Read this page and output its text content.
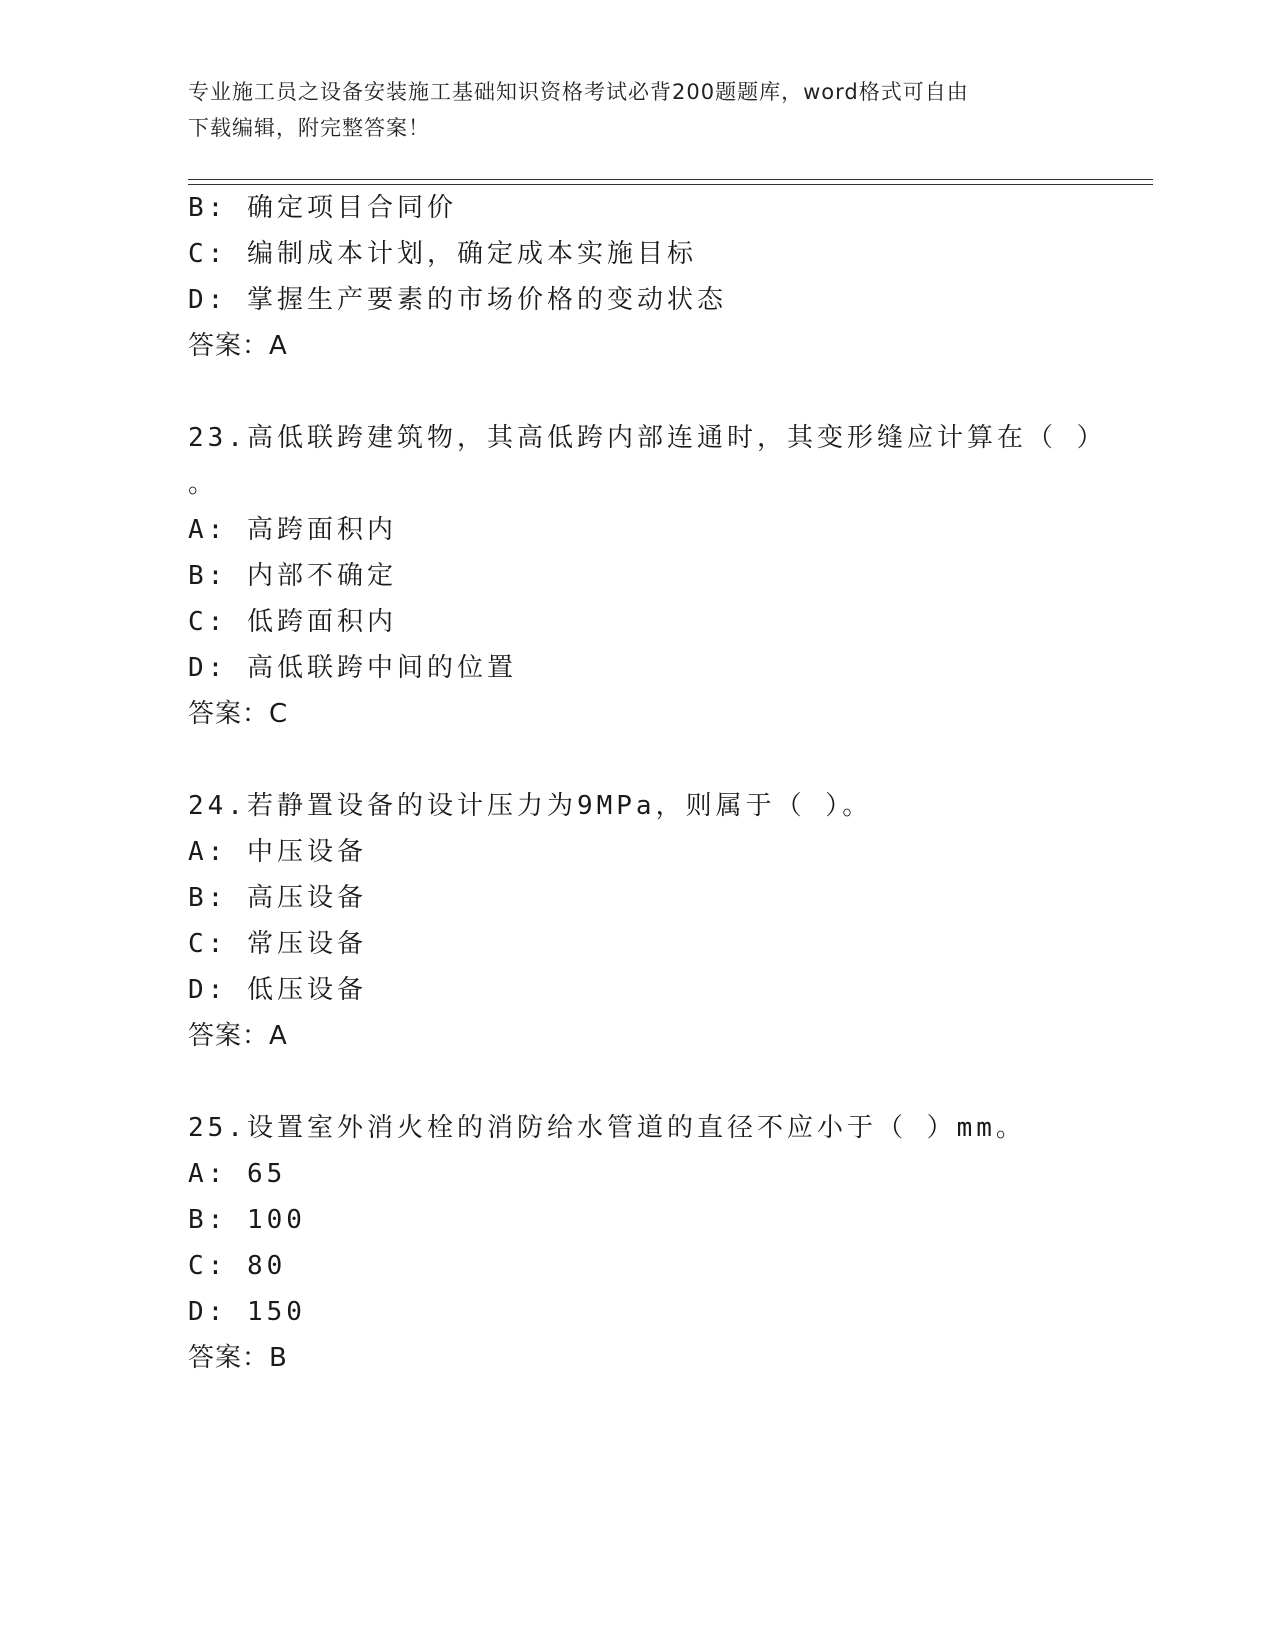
专业施工员之设备安装施工基础知识资格考试必背200题题库，word格式可自由
下载编辑，附完整答案！
B: 确定项目合同价
C: 编制成本计划，确定成本实施目标
D: 掌握生产要素的市场价格的变动状态
答案：A
23.高低联跨建筑物，其高低跨内部连通时，其变形缝应计算在（ ）
。
A: 高跨面积内
B: 内部不确定
C: 低跨面积内
D: 高低联跨中间的位置
答案：C
24.若静置设备的设计压力为9MPa，则属于（ ）。
A: 中压设备
B: 高压设备
C: 常压设备
D: 低压设备
答案：A
25.设置室外消火栓的消防给水管道的直径不应小于（ ）mm。
A: 65
B: 100
C: 80
D: 150
答案：B
